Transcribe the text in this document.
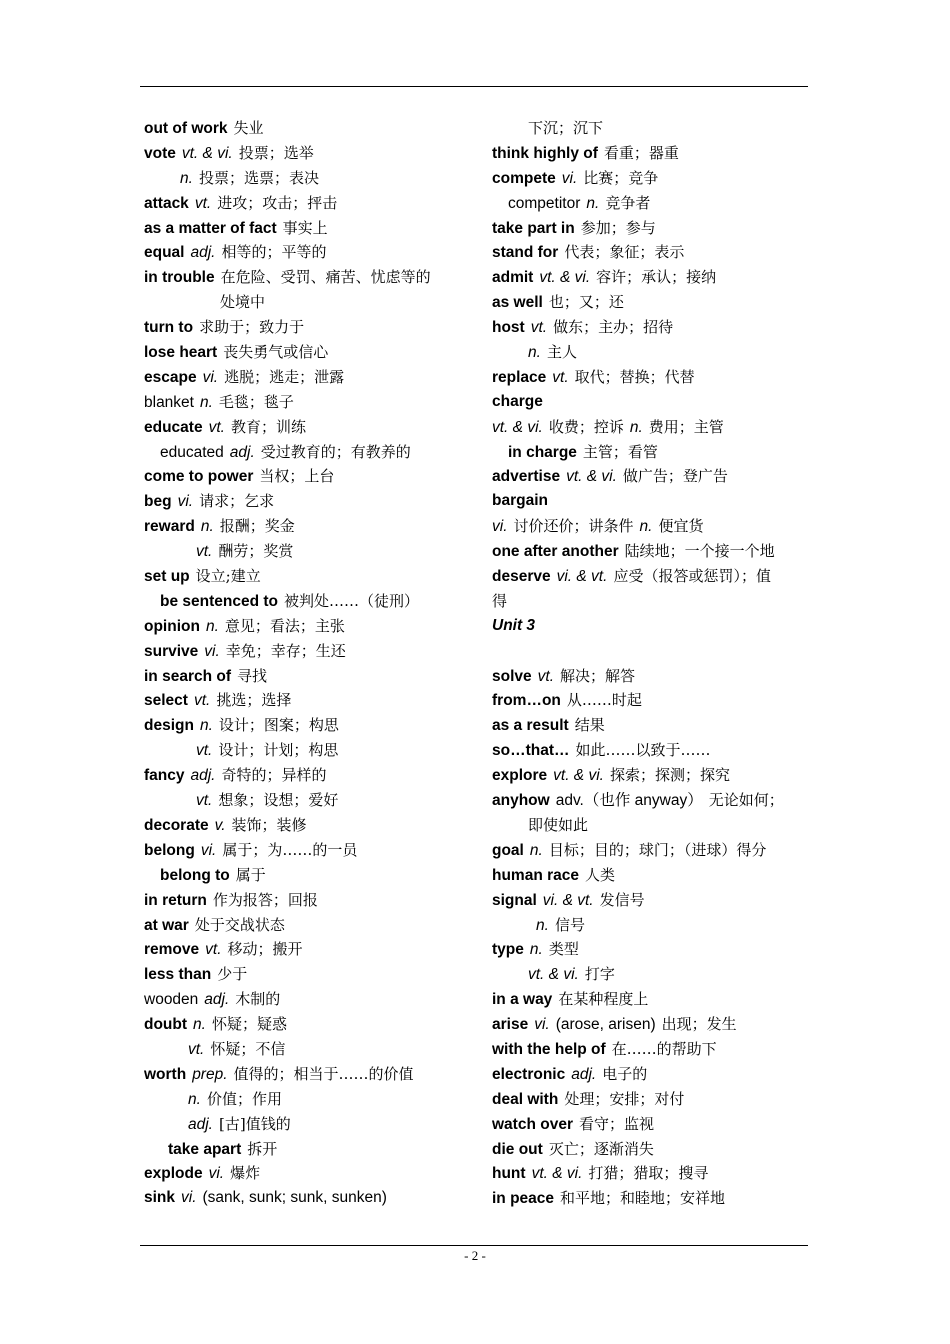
out of work 失业
vote vt. & vi. 投票；选举
n. 投票；选票；表决
attack vt. 进攻；攻击；抨击
as a matter of fact 事实上
equal adj. 相等的；平等的
in trouble 在危险、受罚、痛苦、忧虑等的
处境中
turn to 求助于；致力于
lose heart 丧失勇气或信心
escape vi. 逃脱；逃走；泄露
blanket n. 毛毯；毯子
educate vt. 教育；训练
educated adj. 受过教育的；有教养的
come to power 当权；上台
beg vi. 请求；乞求
reward n. 报酬；奖金
vt. 酬劳；奖赏
set up 设立;建立
be sentenced to 被判处……（徒刑）
opinion n. 意见；看法；主张
survive vi. 幸免；幸存；生还
in search of 寻找
select vt. 挑选；选择
design n. 设计；图案；构思
vt. 设计；计划；构思
fancy adj. 奇特的；异样的
vt. 想象；设想；爱好
decorate v. 装饰；装修
belong vi. 属于；为……的一员
belong to 属于
in return 作为报答；回报
at war 处于交战状态
remove vt. 移动；搬开
less than 少于
wooden adj. 木制的
doubt n. 怀疑；疑惑
vt. 怀疑；不信
worth prep. 值得的；相当于……的价值
n. 价值；作用
adj. [古]值钱的
take apart 拆开
explode vi. 爆炸
sink vi. (sank, sunk; sunk, sunken)
下沉；沉下
think highly of 看重；器重
compete vi. 比赛；竞争
competitor n. 竞争者
take part in 参加；参与
stand for 代表；象征；表示
admit vt. & vi. 容许；承认；接纳
as well 也；又；还
host vt. 做东；主办；招待
n. 主人
replace vt. 取代；替换；代替
charge
vt. & vi. 收费；控诉 n. 费用；主管
in charge 主管；看管
advertise vt. & vi. 做广告；登广告
bargain
vi. 讨价还价；讲条件 n. 便宜货
one after another 陆续地；一个接一个地
deserve vi. & vt. 应受（报答或惩罚）；值
得
Unit 3

solve vt. 解决；解答
from…on 从……时起
as a result 结果
so…that… 如此……以致于……
explore vt. & vi. 探索；探测；探究
anyhow adv.（也作 anyway） 无论如何；
即使如此
goal n. 目标；目的；球门；（进球）得分
human race 人类
signal vi. & vt. 发信号
n. 信号
type n. 类型
vt. & vi. 打字
in a way 在某种程度上
arise vi. (arose, arisen) 出现；发生
with the help of 在……的帮助下
electronic adj. 电子的
deal with 处理；安排；对付
watch over 看守；监视
die out 灭亡；逐渐消失
hunt vt. & vi. 打猎；猎取；搜寻
in peace 和平地；和睦地；安祥地
- 2 -
